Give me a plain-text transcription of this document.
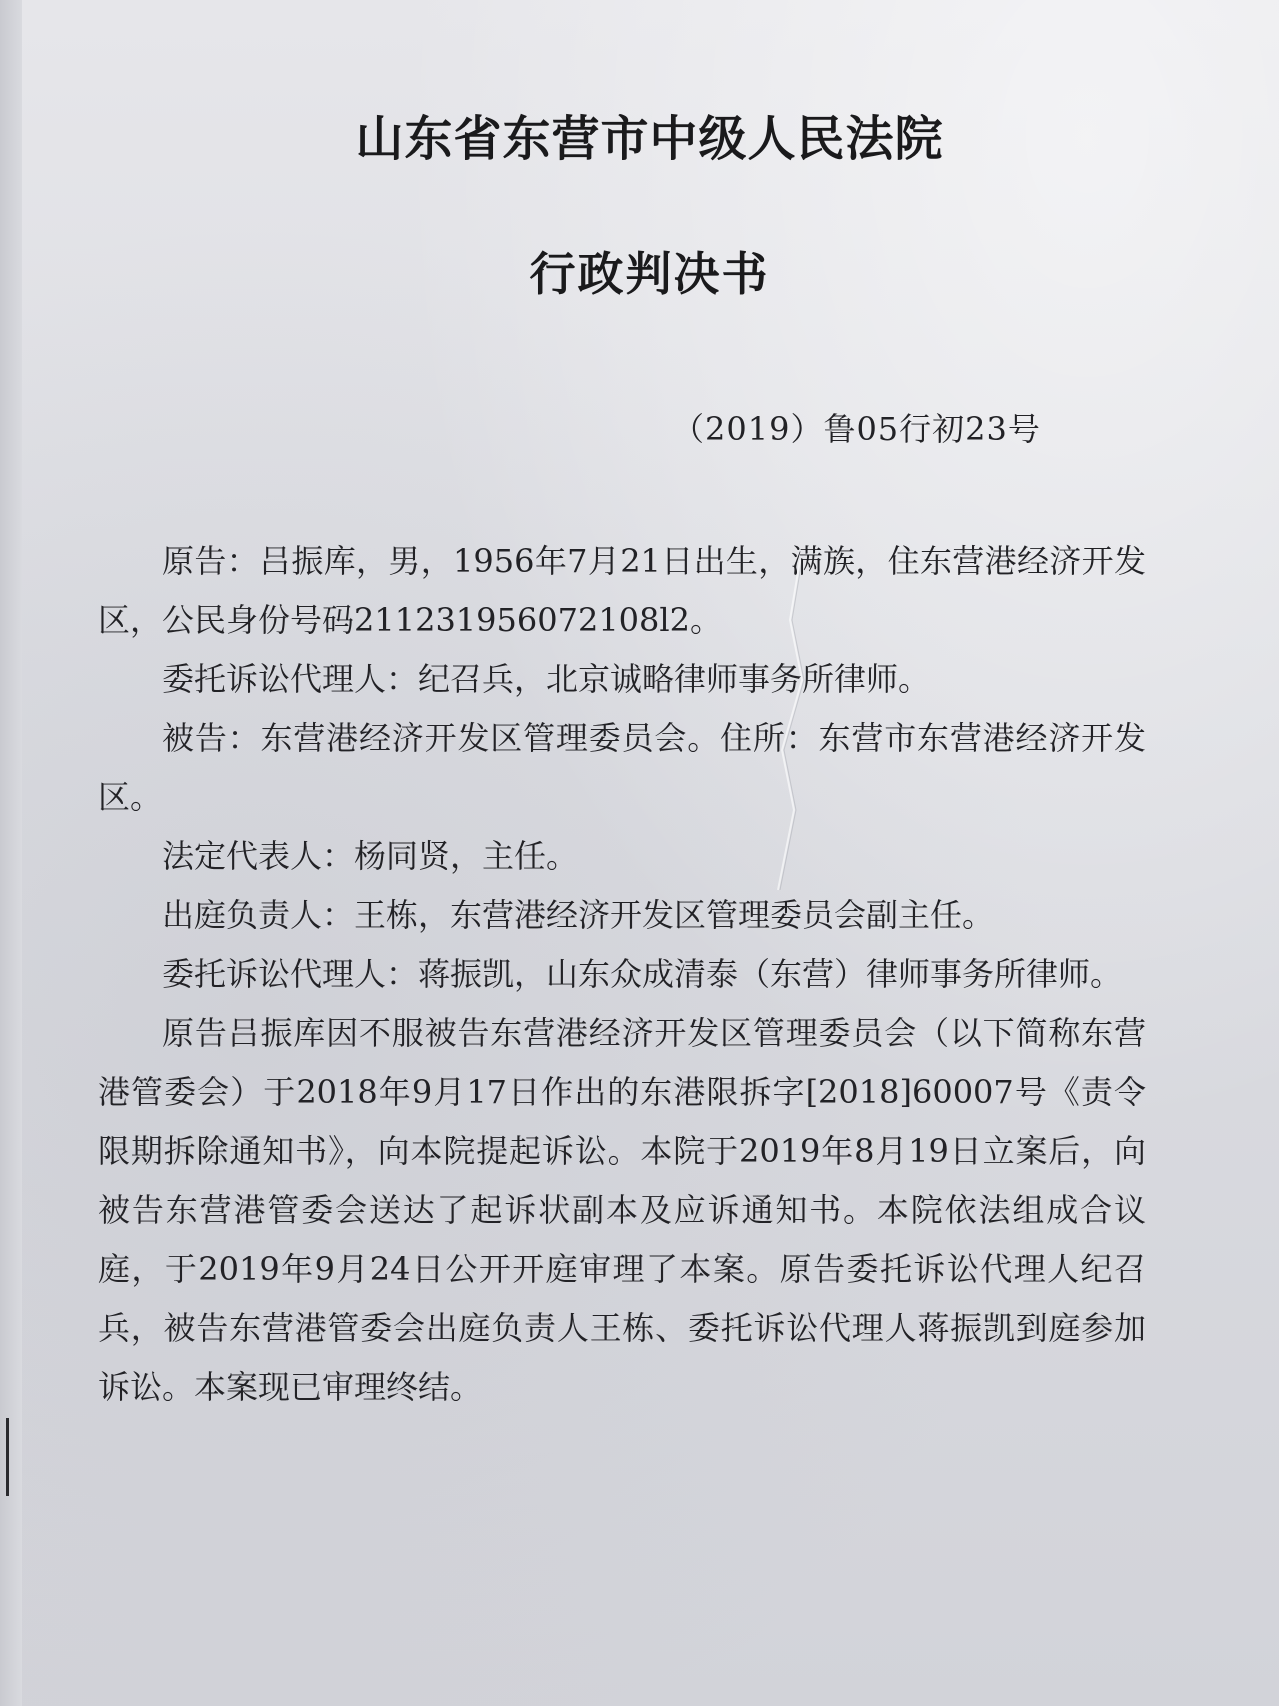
山东省东营市中级人民法院
行政判决书

（2019）鲁05行初23号

原告：吕振库，男，1956年7月21日出生，满族，住东营港经济开发区，公民身份号码211231956072108l2。

委托诉讼代理人：纪召兵，北京诚略律师事务所律师。

被告：东营港经济开发区管理委员会。住所：东营市东营港经济开发区。

法定代表人：杨同贤，主任。

出庭负责人：王栋，东营港经济开发区管理委员会副主任。

委托诉讼代理人：蒋振凯，山东众成清泰（东营）律师事务所律师。

原告吕振库因不服被告东营港经济开发区管理委员会（以下简称东营港管委会）于2018年9月17日作出的东港限拆字[2018]60007号《责令限期拆除通知书》，向本院提起诉讼。本院于2019年8月19日立案后，向被告东营港管委会送达了起诉状副本及应诉通知书。本院依法组成合议庭，于2019年9月24日公开开庭审理了本案。原告委托诉讼代理人纪召兵，被告东营港管委会出庭负责人王栋、委托诉讼代理人蒋振凯到庭参加诉讼。本案现已审理终结。
